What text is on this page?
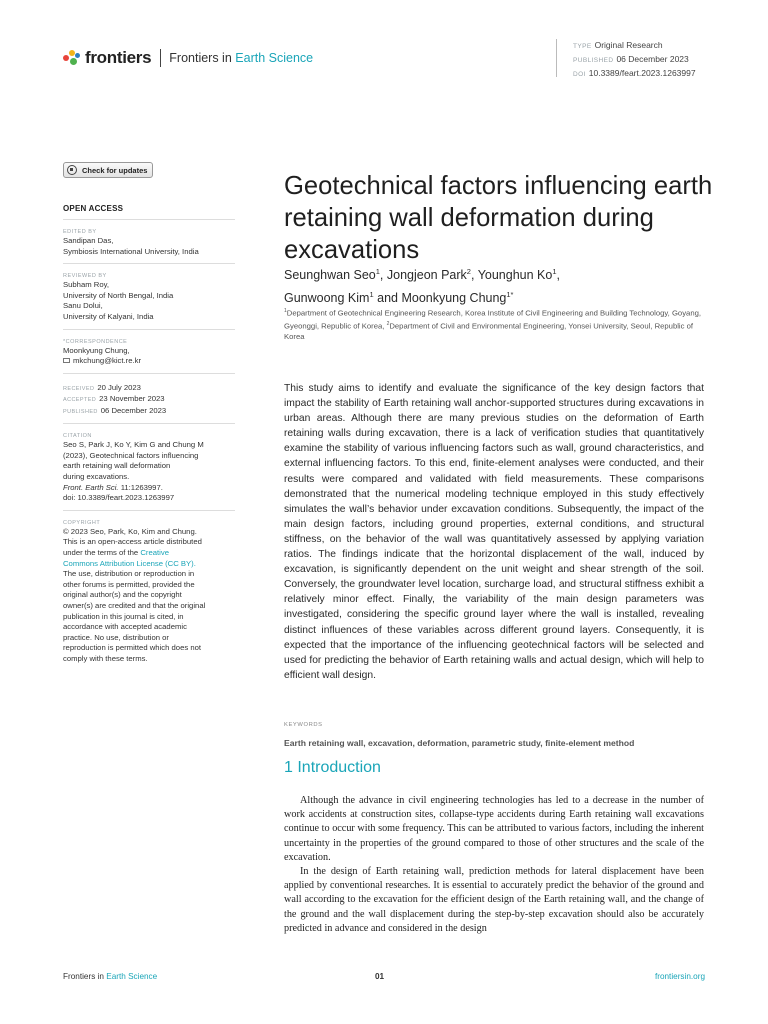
frontiers Frontiers in Earth Science
TYPE Original Research
PUBLISHED 06 December 2023
DOI 10.3389/feart.2023.1263997
Check for updates
OPEN ACCESS
EDITED BY
Sandipan Das,
Symbiosis International University, India
REVIEWED BY
Subham Roy,
University of North Bengal, India
Sanu Dolui,
University of Kalyani, India
*CORRESPONDENCE
Moonkyung Chung,
mkchung@kict.re.kr
RECEIVED 20 July 2023
ACCEPTED 23 November 2023
PUBLISHED 06 December 2023
CITATION
Seo S, Park J, Ko Y, Kim G and Chung M
(2023), Geotechnical factors influencing
earth retaining wall deformation
during excavations.
Front. Earth Sci. 11:1263997.
doi: 10.3389/feart.2023.1263997
COPYRIGHT
© 2023 Seo, Park, Ko, Kim and Chung.
This is an open-access article distributed
under the terms of the Creative
Commons Attribution License (CC BY).
The use, distribution or reproduction in
other forums is permitted, provided the
original author(s) and the copyright
owner(s) are credited and that the original
publication in this journal is cited, in
accordance with accepted academic
practice. No use, distribution or
reproduction is permitted which does not
comply with these terms.
Geotechnical factors influencing earth retaining wall deformation during excavations
Seunghwan Seo$^1$, Jongjeon Park$^2$, Younghun Ko$^1$,
Gunwoong Kim$^1$ and Moonkyung Chung$^{1*}$
$^1$Department of Geotechnical Engineering Research, Korea Institute of Civil Engineering and Building Technology, Goyang, Gyeonggi, Republic of Korea, $^2$Department of Civil and Environmental Engineering, Yonsei University, Seoul, Republic of Korea

This study aims to identify and evaluate the significance of the key design factors that impact the stability of Earth retaining wall anchor-supported structures during excavations in urban areas. Although there are many previous studies on the deformation of Earth retaining walls during excavation, there is a lack of verification studies that quantitatively examine the stability of various influencing factors such as wall, ground characteristics, and external influencing factors. To this end, finite-element analyses were conducted, and their results were compared and validated with field measurements. These comparisons demonstrated that the numerical modeling technique employed in this study effectively simulates the wall’s behavior under excavation conditions. Subsequently, the impact of the main design factors, including ground properties, external conditions, and structural stiffness, on the behavior of the wall was quantitatively assessed by applying variation ratios. The findings indicate that the horizontal displacement of the wall, induced by excavation, is significantly dependent on the unit weight and shear strength of the soil. Conversely, the groundwater level location, surcharge load, and structural stiffness exhibit a relatively minor effect. Finally, the variability of the main design parameters was investigated, considering the specific ground layer where the wall is installed, revealing distinct influences of these variables across different ground layers. Consequently, it is expected that the importance of the influencing geotechnical factors will be selected and used for predicting the behavior of Earth retaining walls and actual design, which will help to efficient wall design.

KEYWORDS
Earth retaining wall, excavation, deformation, parametric study, finite-element method
1 Introduction

Although the advance in civil engineering technologies has led to a decrease in the number of work accidents at construction sites, collapse-type accidents during Earth retaining wall excavations continue to occur with some frequency. This can be attributed to various factors, including the inherent uncertainty in the properties of the ground compared to those of other structures and the scale of the excavation.

In the design of Earth retaining wall, prediction methods for lateral displacement have been applied by conventional researches. It is essential to accurately predict the behavior of the ground and wall according to the excavation for the efficient design of the Earth retaining wall, and the change of the ground and the wall displacement during the step-by-step excavation should also be accurately predicted in advance and considered in the design

Frontiers in Earth Science	01	frontiersin.org
